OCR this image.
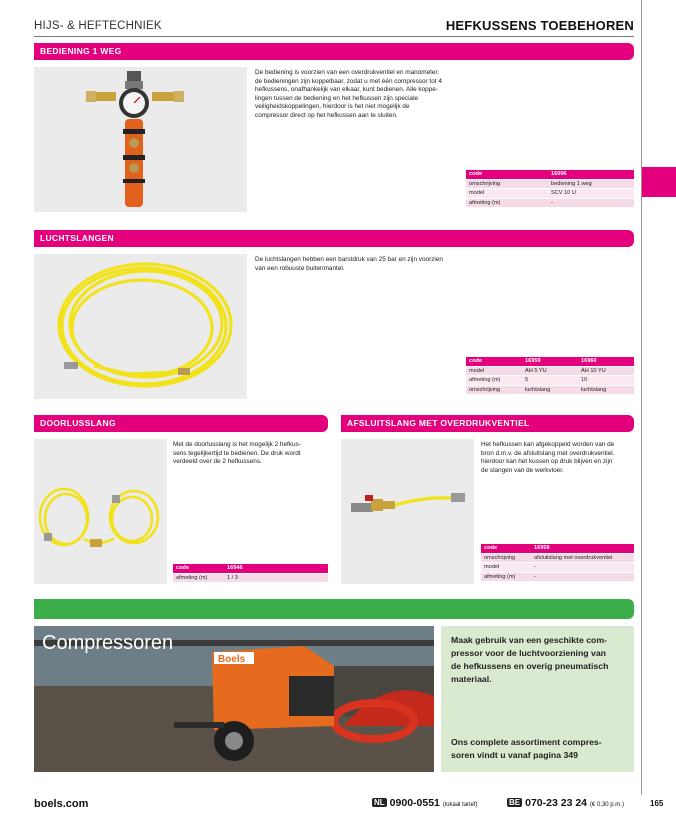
HIJS- & HEFTECHNIEK	HEFKUSSENS TOEBEHOREN
BEDIENING 1 WEG
De bediening is voorzien van een overdrukventiel en manometer.
de bedieningen zijn koppelbaar, zodat u met één compressor tot 4
hefkussens, onafhankelijk van elkaar, kunt bedienen. Alle koppe-
lingen tussen de bediening en het hefkussen zijn speciale
veiligheidskoppelingen, hierdoor is het niet mogelijk de
compressor direct op het hefkussen aan te sluiten.
code	16096
omschrijving	bediening 1 weg
model	SCV 10 U
afmeting (m)	-
LUCHTSLANGEN
De luchtslangen hebben een barstdruk van 25 bar en zijn voorzien
van een robuuste buitenmantel.
code	16959	16960
model	AH 5 YU	AH 10 YU
afmeting (m)	5	10
omschrijving	luchtslang	luchtslang
DOORLUSSLANG
Met de doorlusslang is het mogelijk 2 hefkus-
sens tegelijkertijd te bedienen. De druk wordt
verdeeld over de 2 hefkussens.
code	16946
afmeting (m)	1 / 3
AFSLUITSLANG MET OVERDRUKVENTIEL
Het hefkussen kan afgekoppeld worden van de
bron d.m.v. de afsluitslang met overdrukventiel.
hierdoor kan het kussen op druk blijven en zijn
de slangen van de werkvloer.
code	16958
omschrijving	afsluitslang met overdrukventiel
model	-
afmeting (m)	-
Boels
Compressoren	Maak gebruik van een geschikte com-
pressor voor de luchtvoorziening van
de hefkussens en overig pneumatisch
materiaal.
Ons complete assortiment compres-
soren vindt u vanaf pagina 349
boels.com	NL 0900-0551 (lokaal tarief)	BE 070-23 23 24 (€ 0,30 p.m.)	165
